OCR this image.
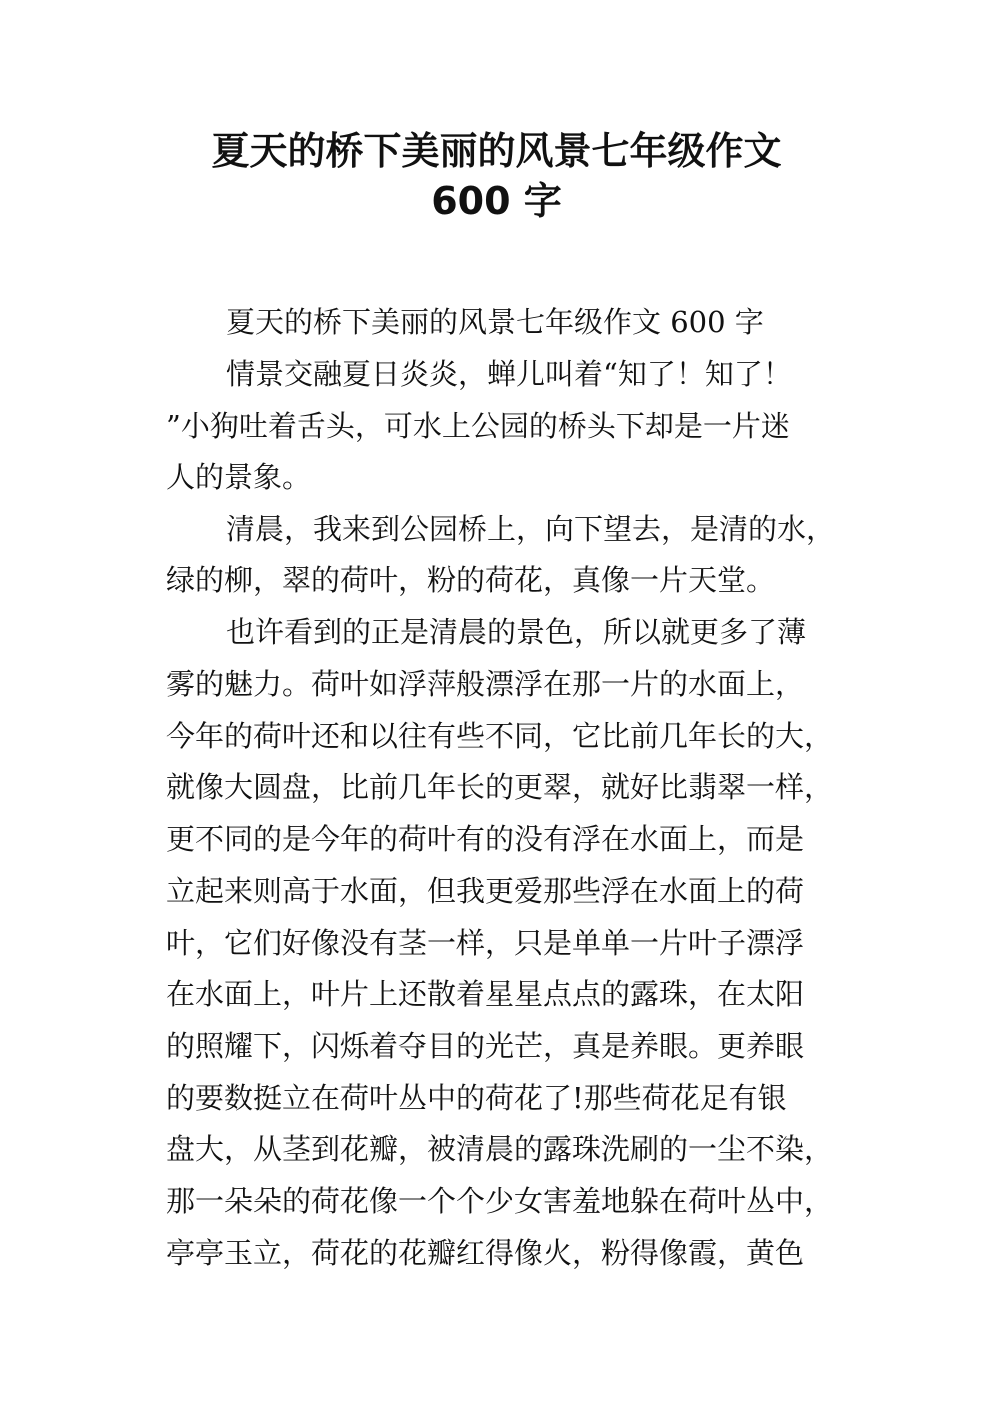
夏天的桥下美丽的风景七年级作文
600 字
夏天的桥下美丽的风景七年级作文 600 字
情景交融夏日炎炎，蝉儿叫着“知了！知了！
”小狗吐着舌头，可水上公园的桥头下却是一片迷
人的景象。
清晨，我来到公园桥上，向下望去，是清的水，
绿的柳，翠的荷叶，粉的荷花，真像一片天堂。
也许看到的正是清晨的景色，所以就更多了薄
雾的魅力。荷叶如浮萍般漂浮在那一片的水面上，
今年的荷叶还和以往有些不同，它比前几年长的大，
就像大圆盘，比前几年长的更翠，就好比翡翠一样，
更不同的是今年的荷叶有的没有浮在水面上，而是
立起来则高于水面，但我更爱那些浮在水面上的荷
叶，它们好像没有茎一样，只是单单一片叶子漂浮
在水面上，叶片上还散着星星点点的露珠，在太阳
的照耀下，闪烁着夺目的光芒，真是养眼。更养眼
的要数挺立在荷叶丛中的荷花了!那些荷花足有银
盘大，从茎到花瓣，被清晨的露珠洗刷的一尘不染，
那一朵朵的荷花像一个个少女害羞地躲在荷叶丛中，
亭亭玉立，荷花的花瓣红得像火，粉得像霞，黄色
